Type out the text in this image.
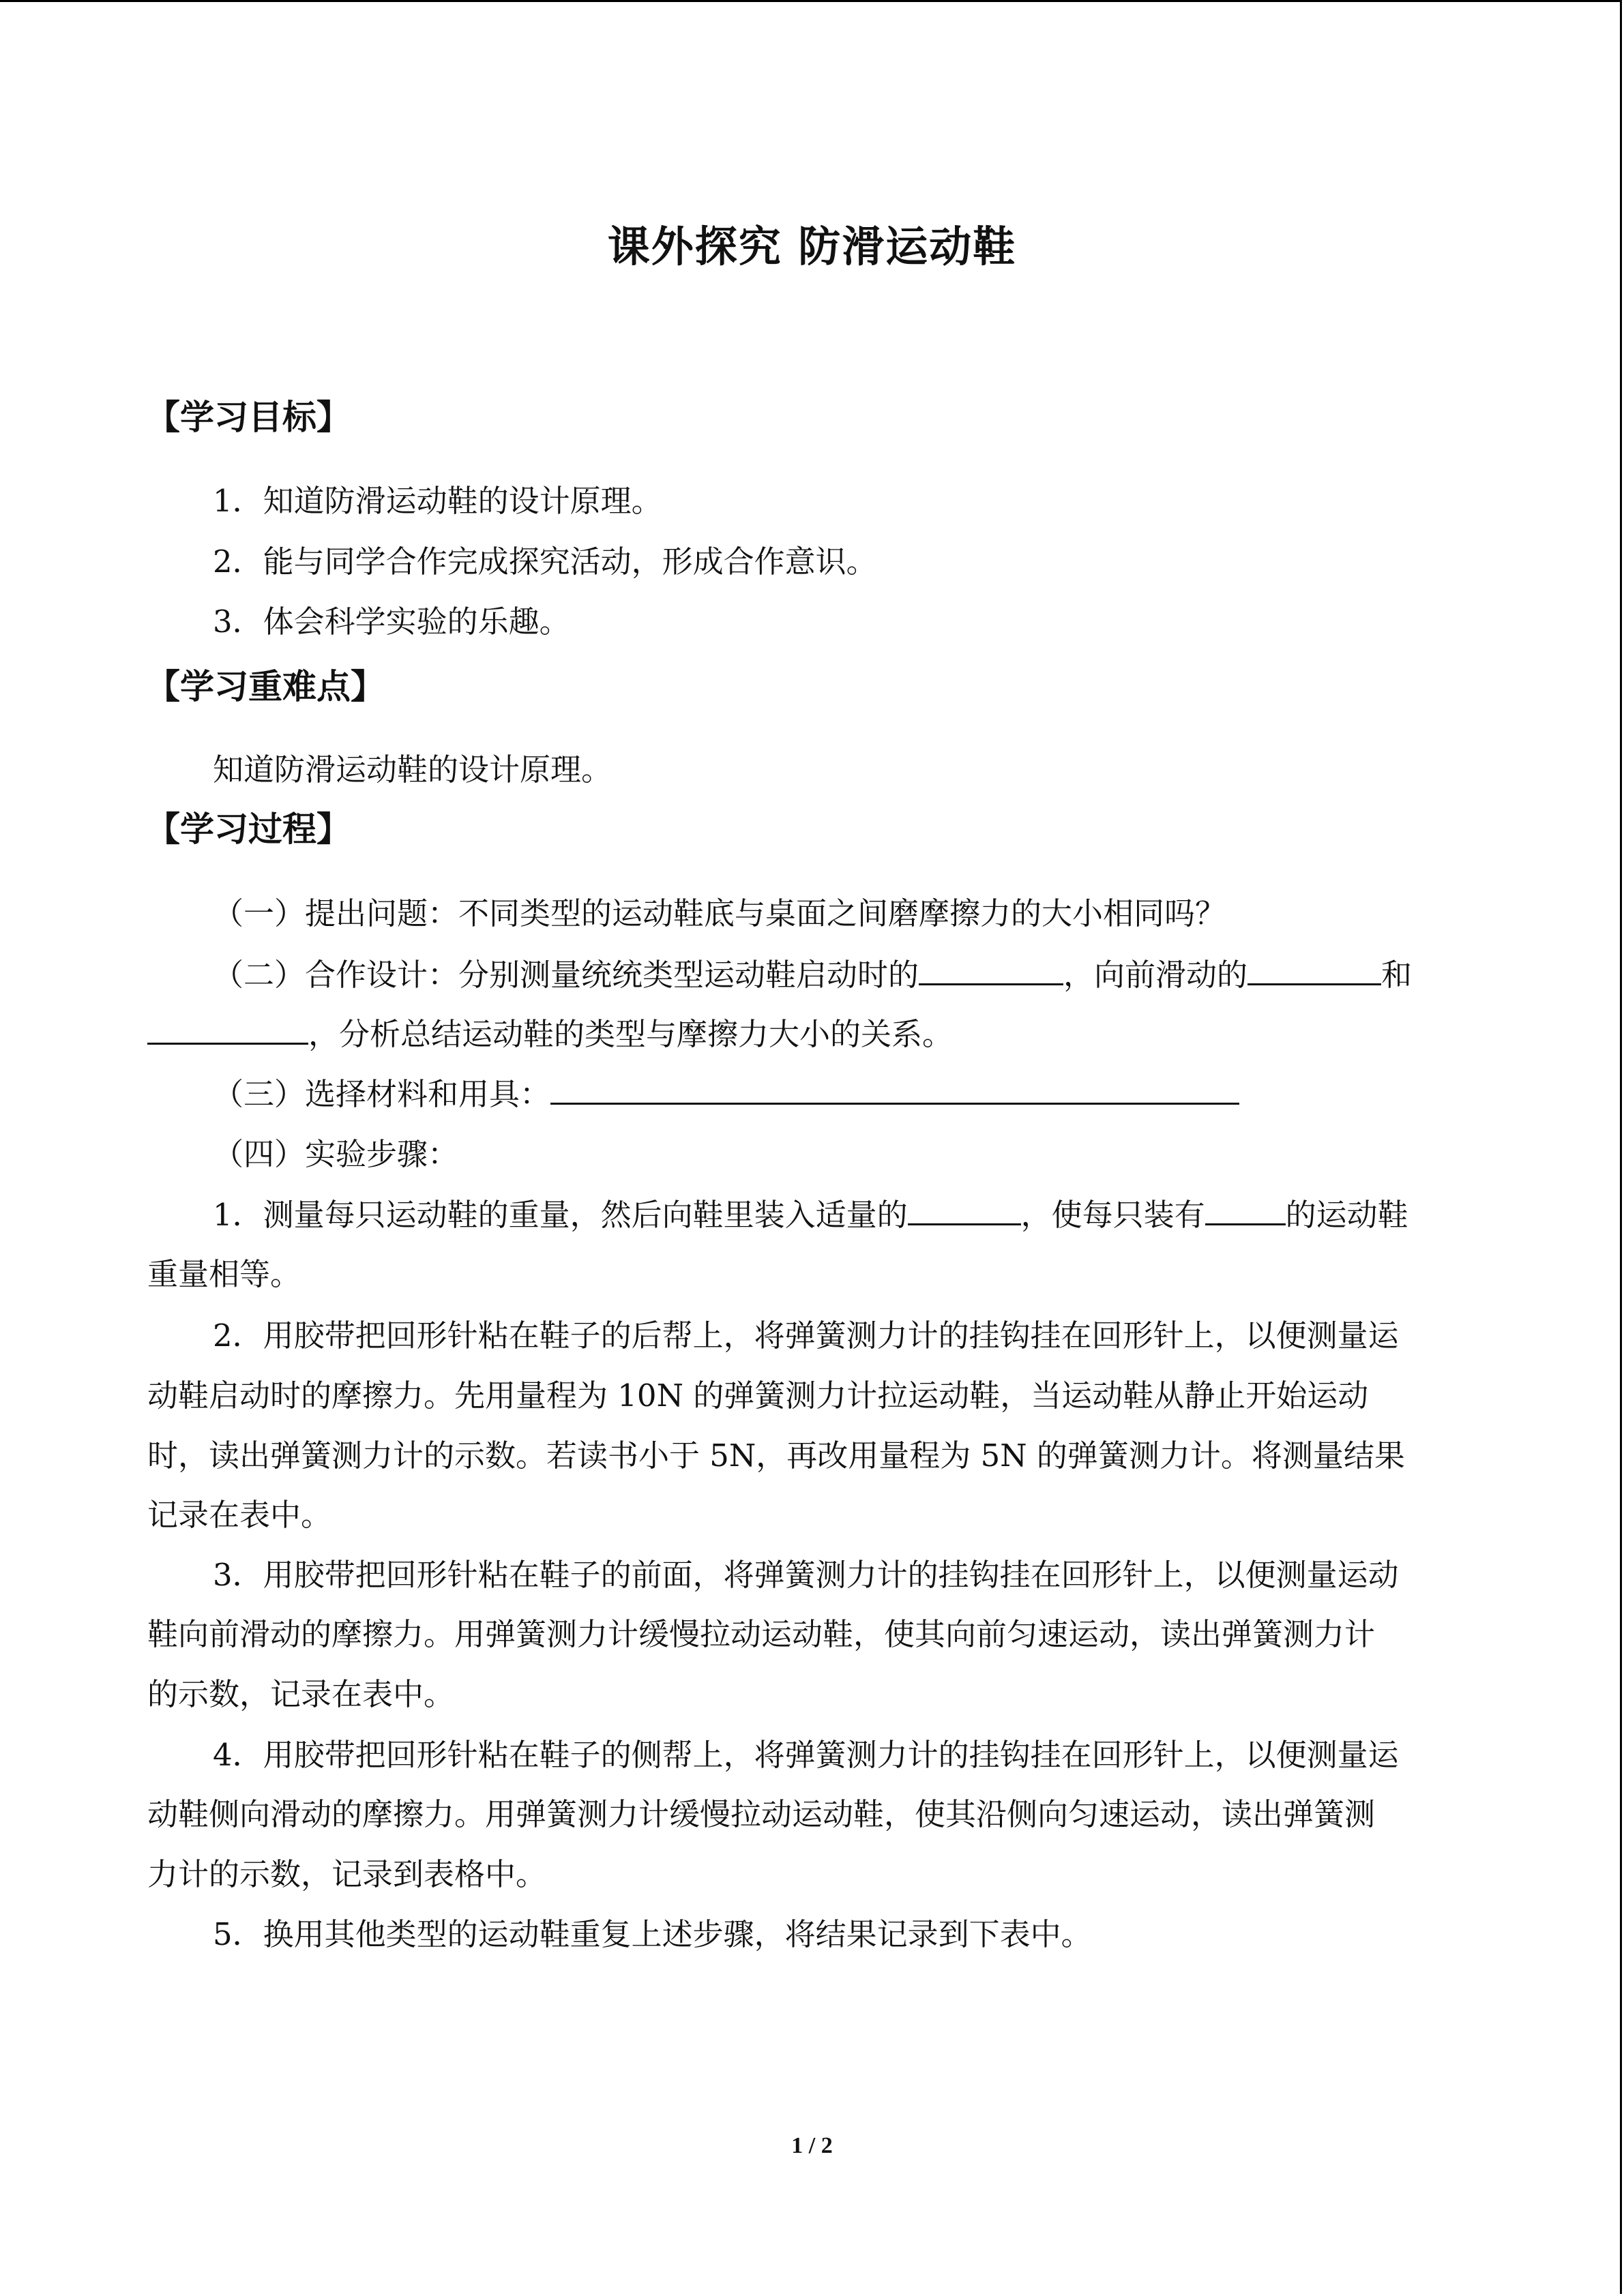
课外探究 防滑运动鞋
【学习目标】
1．知道防滑运动鞋的设计原理。
2．能与同学合作完成探究活动，形成合作意识。
3．体会科学实验的乐趣。
【学习重难点】
知道防滑运动鞋的设计原理。
【学习过程】
（一）提出问题：不同类型的运动鞋底与桌面之间磨摩擦力的大小相同吗？
（二）合作设计：分别测量统统类型运动鞋启动时的	，向前滑动的	和
，分析总结运动鞋的类型与摩擦力大小的关系。
（三）选择材料和用具：
（四）实验步骤：
1．测量每只运动鞋的重量，然后向鞋里装入适量的	，使每只装有	的运动鞋
重量相等。
2．用胶带把回形针粘在鞋子的后帮上，将弹簧测力计的挂钩挂在回形针上，以便测量运
动鞋启动时的摩擦力。先用量程为 10N 的弹簧测力计拉运动鞋，当运动鞋从静止开始运动
时，读出弹簧测力计的示数。若读书小于 5N，再改用量程为 5N 的弹簧测力计。将测量结果
记录在表中。
3．用胶带把回形针粘在鞋子的前面，将弹簧测力计的挂钩挂在回形针上，以便测量运动
鞋向前滑动的摩擦力。用弹簧测力计缓慢拉动运动鞋，使其向前匀速运动，读出弹簧测力计
的示数，记录在表中。
4．用胶带把回形针粘在鞋子的侧帮上，将弹簧测力计的挂钩挂在回形针上，以便测量运
动鞋侧向滑动的摩擦力。用弹簧测力计缓慢拉动运动鞋，使其沿侧向匀速运动，读出弹簧测
力计的示数，记录到表格中。
5．换用其他类型的运动鞋重复上述步骤，将结果记录到下表中。
1 / 2
